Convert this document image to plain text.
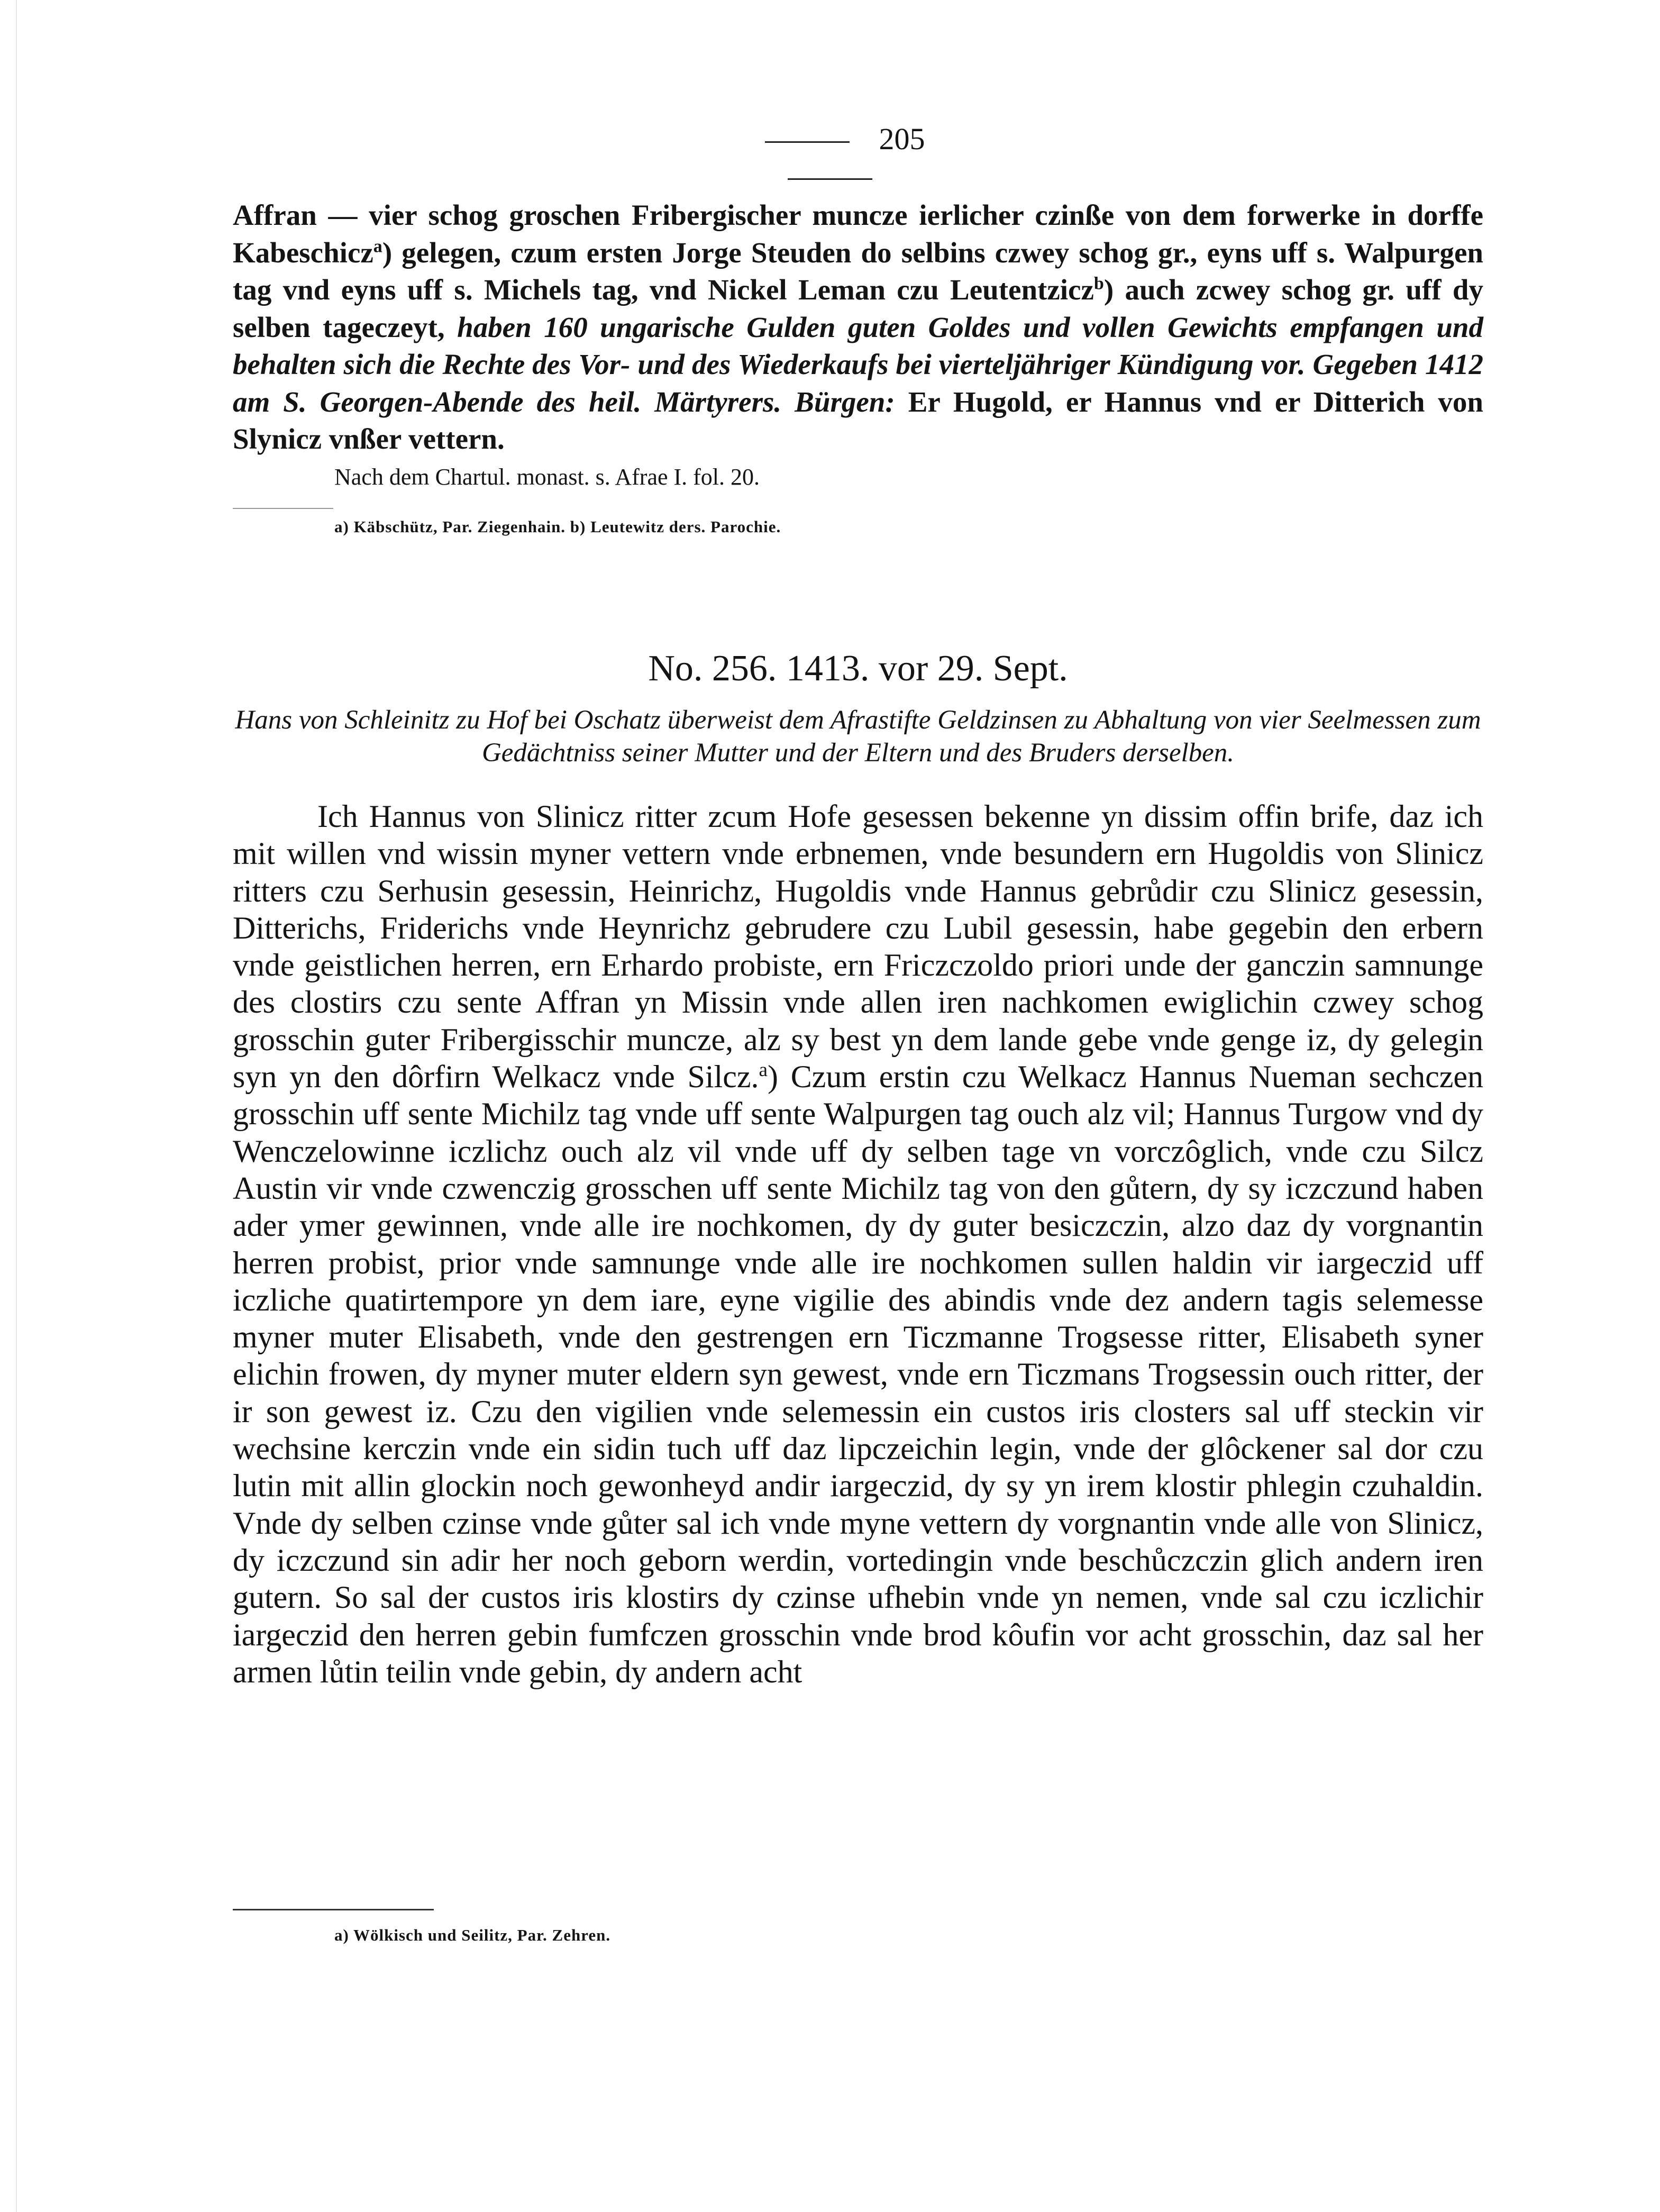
205
Affran — vier schog groschen Fribergischer muncze ierlicher czinße von dem forwerke in dorffe Kabeschicz$^a$) gelegen, czum ersten Jorge Steuden do selbins czwey schog gr., eyns uff s. Walpurgen tag vnd eyns uff s. Michels tag, vnd Nickel Leman czu Leutentzicz$^b$) auch zcwey schog gr. uff dy selben tageczeyt, haben 160 ungarische Gulden guten Goldes und vollen Gewichts empfangen und behalten sich die Rechte des Vor- und des Wiederkaufs bei vierteljähriger Kündigung vor. Gegeben 1412 am S. Georgen-Abende des heil. Märtyrers. Bürgen: Er Hugold, er Hannus vnd er Ditterich von Slynicz vnßer vettern.
Nach dem Chartul. monast. s. Afrae I. fol. 20.
a) Käbschütz, Par. Ziegenhain. b) Leutewitz ders. Parochie.
No. 256. 1413. vor 29. Sept.
Hans von Schleinitz zu Hof bei Oschatz überweist dem Afrastifte Geldzinsen zu Abhaltung von vier Seelmessen zum Gedächtniss seiner Mutter und der Eltern und des Bruders derselben.

Ich Hannus von Slinicz ritter zcum Hofe gesessen bekenne yn dissim offin brife, daz ich mit willen vnd wissin myner vettern vnde erbnemen, vnde besundern ern Hugoldis von Slinicz ritters czu Serhusin gesessin, Heinrichz, Hugoldis vnde Hannus gebrůdir czu Slinicz gesessin, Ditterichs, Friderichs vnde Heynrichz gebrudere czu Lubil gesessin, habe gegebin den erbern vnde geistlichen herren, ern Erhardo probiste, ern Friczczoldo priori unde der ganczin samnunge des clostirs czu sente Affran yn Missin vnde allen iren nachkomen ewiglichin czwey schog grosschin guter Fribergisschir muncze, alz sy best yn dem lande gebe vnde genge iz, dy gelegin syn yn den dôrfirn Welkacz vnde Silcz.$^a$) Czum erstin czu Welkacz Hannus Nueman sechczen grosschin uff sente Michilz tag vnde uff sente Walpurgen tag ouch alz vil; Hannus Turgow vnd dy Wenczelowinne iczlichz ouch alz vil vnde uff dy selben tage vn vorczôglich, vnde czu Silcz Austin vir vnde czwenczig grosschen uff sente Michilz tag von den gůtern, dy sy iczczund haben ader ymer gewinnen, vnde alle ire nochkomen, dy dy guter besiczczin, alzo daz dy vorgnantin herren probist, prior vnde samnunge vnde alle ire nochkomen sullen haldin vir iargeczid uff iczliche quatirtempore yn dem iare, eyne vigilie des abindis vnde dez andern tagis selemesse myner muter Elisabeth, vnde den gestrengen ern Ticzmanne Trogsesse ritter, Elisabeth syner elichin frowen, dy myner muter eldern syn gewest, vnde ern Ticzmans Trogsessin ouch ritter, der ir son gewest iz. Czu den vigilien vnde selemessin ein custos iris closters sal uff steckin vir wechsine kerczin vnde ein sidin tuch uff daz lipczeichin legin, vnde der glôckener sal dor czu lutin mit allin glockin noch gewonheyd andir iargeczid, dy sy yn irem klostir phlegin czuhaldin. Vnde dy selben czinse vnde gůter sal ich vnde myne vettern dy vorgnantin vnde alle von Slinicz, dy iczczund sin adir her noch geborn werdin, vortedingin vnde beschůczczin glich andern iren gutern. So sal der custos iris klostirs dy czinse ufhebin vnde yn nemen, vnde sal czu iczlichir iargeczid den herren gebin fumfczen grosschin vnde brod kôufin vor acht grosschin, daz sal her armen lůtin teilin vnde gebin, dy andern acht

a) Wölkisch und Seilitz, Par. Zehren.
